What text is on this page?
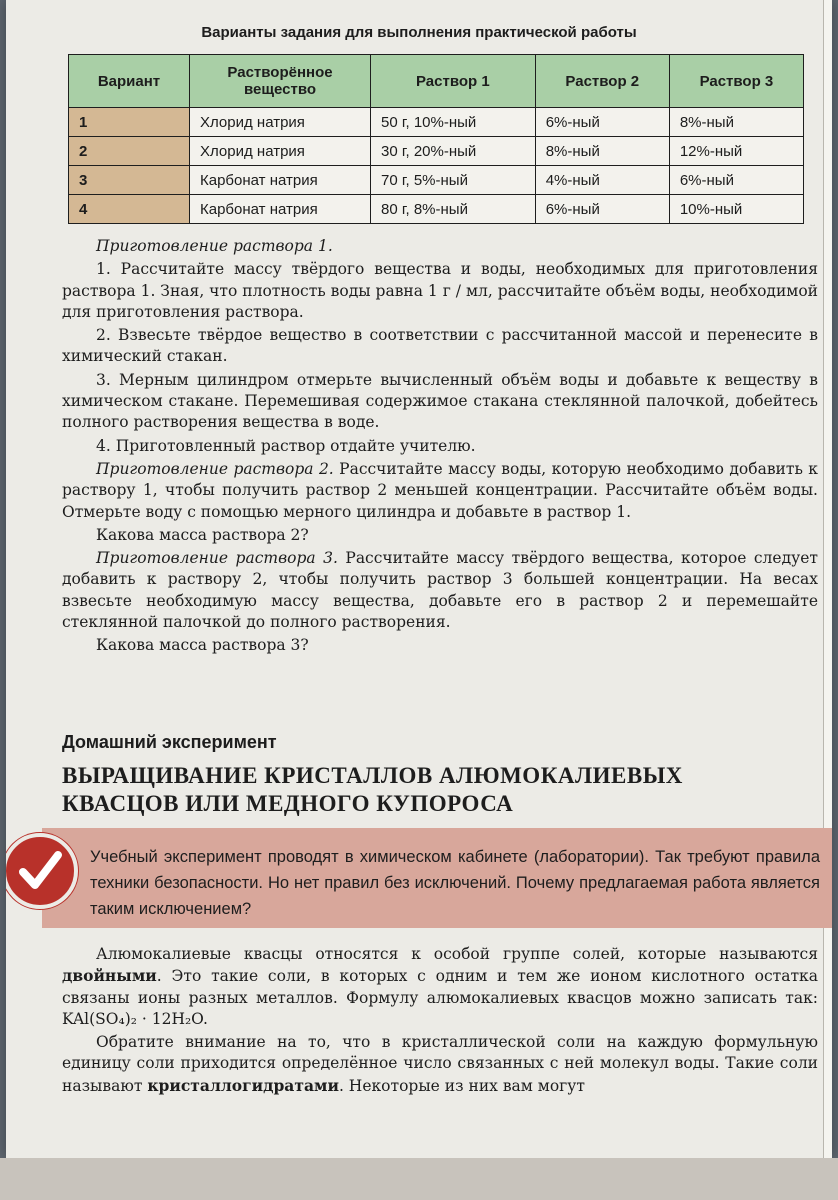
Варианты задания для выполнения практической работы
Вариант	Растворённое вещество	Раствор 1	Раствор 2	Раствор 3
1	Хлорид натрия	50 г, 10%-ный	6%-ный	8%-ный
2	Хлорид натрия	30 г, 20%-ный	8%-ный	12%-ный
3	Карбонат натрия	70 г, 5%-ный	4%-ный	6%-ный
4	Карбонат натрия	80 г, 8%-ный	6%-ный	10%-ный

Приготовление раствора 1.

1. Рассчитайте массу твёрдого вещества и воды, необходимых для приготовления раствора 1. Зная, что плотность воды равна 1 г / мл, рассчитайте объём воды, необходимой для приготовления раствора.

2. Взвесьте твёрдое вещество в соответствии с рассчитанной массой и перенесите в химический стакан.

3. Мерным цилиндром отмерьте вычисленный объём воды и добавьте к веществу в химическом стакане. Перемешивая содержимое стакана стеклянной палочкой, добейтесь полного растворения вещества в воде.

4. Приготовленный раствор отдайте учителю.

Приготовление раствора 2. Рассчитайте массу воды, которую необходимо добавить к раствору 1, чтобы получить раствор 2 меньшей концентрации. Рассчитайте объём воды. Отмерьте воду с помощью мерного цилиндра и добавьте в раствор 1.

Какова масса раствора 2?

Приготовление раствора 3. Рассчитайте массу твёрдого вещества, которое следует добавить к раствору 2, чтобы получить раствор 3 большей концентрации. На весах взвесьте необходимую массу вещества, добавьте его в раствор 2 и перемешайте стеклянной палочкой до полного растворения.

Какова масса раствора 3?

Домашний эксперимент
ВЫРАЩИВАНИЕ КРИСТАЛЛОВ АЛЮМОКАЛИЕВЫХ КВАСЦОВ ИЛИ МЕДНОГО КУПОРОСА
Учебный эксперимент проводят в химическом кабинете (лаборатории). Так требуют правила техники безопасности. Но нет правил без исключений. Почему предлагаемая работа является таким исключением?

Алюмокалиевые квасцы относятся к особой группе солей, которые называются двойными. Это такие соли, в которых с одним и тем же ионом кислотного остатка связаны ионы разных металлов. Формулу алюмокалиевых квасцов можно записать так: KAl(SO₄)₂ · 12H₂O.

Обратите внимание на то, что в кристаллической соли на каждую формульную единицу соли приходится определённое число связанных с ней молекул воды. Такие соли называют кристаллогидратами. Некоторые из них вам могут
